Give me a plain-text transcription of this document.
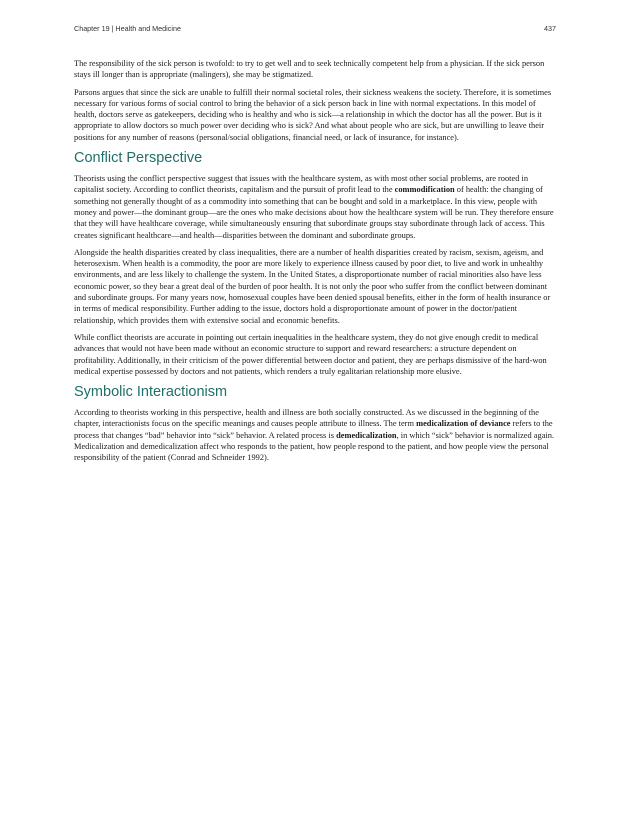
Chapter 19 | Health and Medicine	437

The responsibility of the sick person is twofold: to try to get well and to seek technically competent help from a physician. If the sick person stays ill longer than is appropriate (malingers), she may be stigmatized.

Parsons argues that since the sick are unable to fulfill their normal societal roles, their sickness weakens the society. Therefore, it is sometimes necessary for various forms of social control to bring the behavior of a sick person back in line with normal expectations. In this model of health, doctors serve as gatekeepers, deciding who is healthy and who is sick—a relationship in which the doctor has all the power. But is it appropriate to allow doctors so much power over deciding who is sick? And what about people who are sick, but are unwilling to leave their positions for any number of reasons (personal/social obligations, financial need, or lack of insurance, for instance).

Conflict Perspective

Theorists using the conflict perspective suggest that issues with the healthcare system, as with most other social problems, are rooted in capitalist society. According to conflict theorists, capitalism and the pursuit of profit lead to the commodification of health: the changing of something not generally thought of as a commodity into something that can be bought and sold in a marketplace. In this view, people with money and power—the dominant group—are the ones who make decisions about how the healthcare system will be run. They therefore ensure that they will have healthcare coverage, while simultaneously ensuring that subordinate groups stay subordinate through lack of access. This creates significant healthcare—and health—disparities between the dominant and subordinate groups.

Alongside the health disparities created by class inequalities, there are a number of health disparities created by racism, sexism, ageism, and heterosexism. When health is a commodity, the poor are more likely to experience illness caused by poor diet, to live and work in unhealthy environments, and are less likely to challenge the system. In the United States, a disproportionate number of racial minorities also have less economic power, so they bear a great deal of the burden of poor health. It is not only the poor who suffer from the conflict between dominant and subordinate groups. For many years now, homosexual couples have been denied spousal benefits, either in the form of health insurance or in terms of medical responsibility. Further adding to the issue, doctors hold a disproportionate amount of power in the doctor/patient relationship, which provides them with extensive social and economic benefits.

While conflict theorists are accurate in pointing out certain inequalities in the healthcare system, they do not give enough credit to medical advances that would not have been made without an economic structure to support and reward researchers: a structure dependent on profitability. Additionally, in their criticism of the power differential between doctor and patient, they are perhaps dismissive of the hard-won medical expertise possessed by doctors and not patients, which renders a truly egalitarian relationship more elusive.

Symbolic Interactionism

According to theorists working in this perspective, health and illness are both socially constructed. As we discussed in the beginning of the chapter, interactionists focus on the specific meanings and causes people attribute to illness. The term medicalization of deviance refers to the process that changes “bad” behavior into “sick” behavior. A related process is demedicalization, in which “sick” behavior is normalized again. Medicalization and demedicalization affect who responds to the patient, how people respond to the patient, and how people view the personal responsibility of the patient (Conrad and Schneider 1992).
